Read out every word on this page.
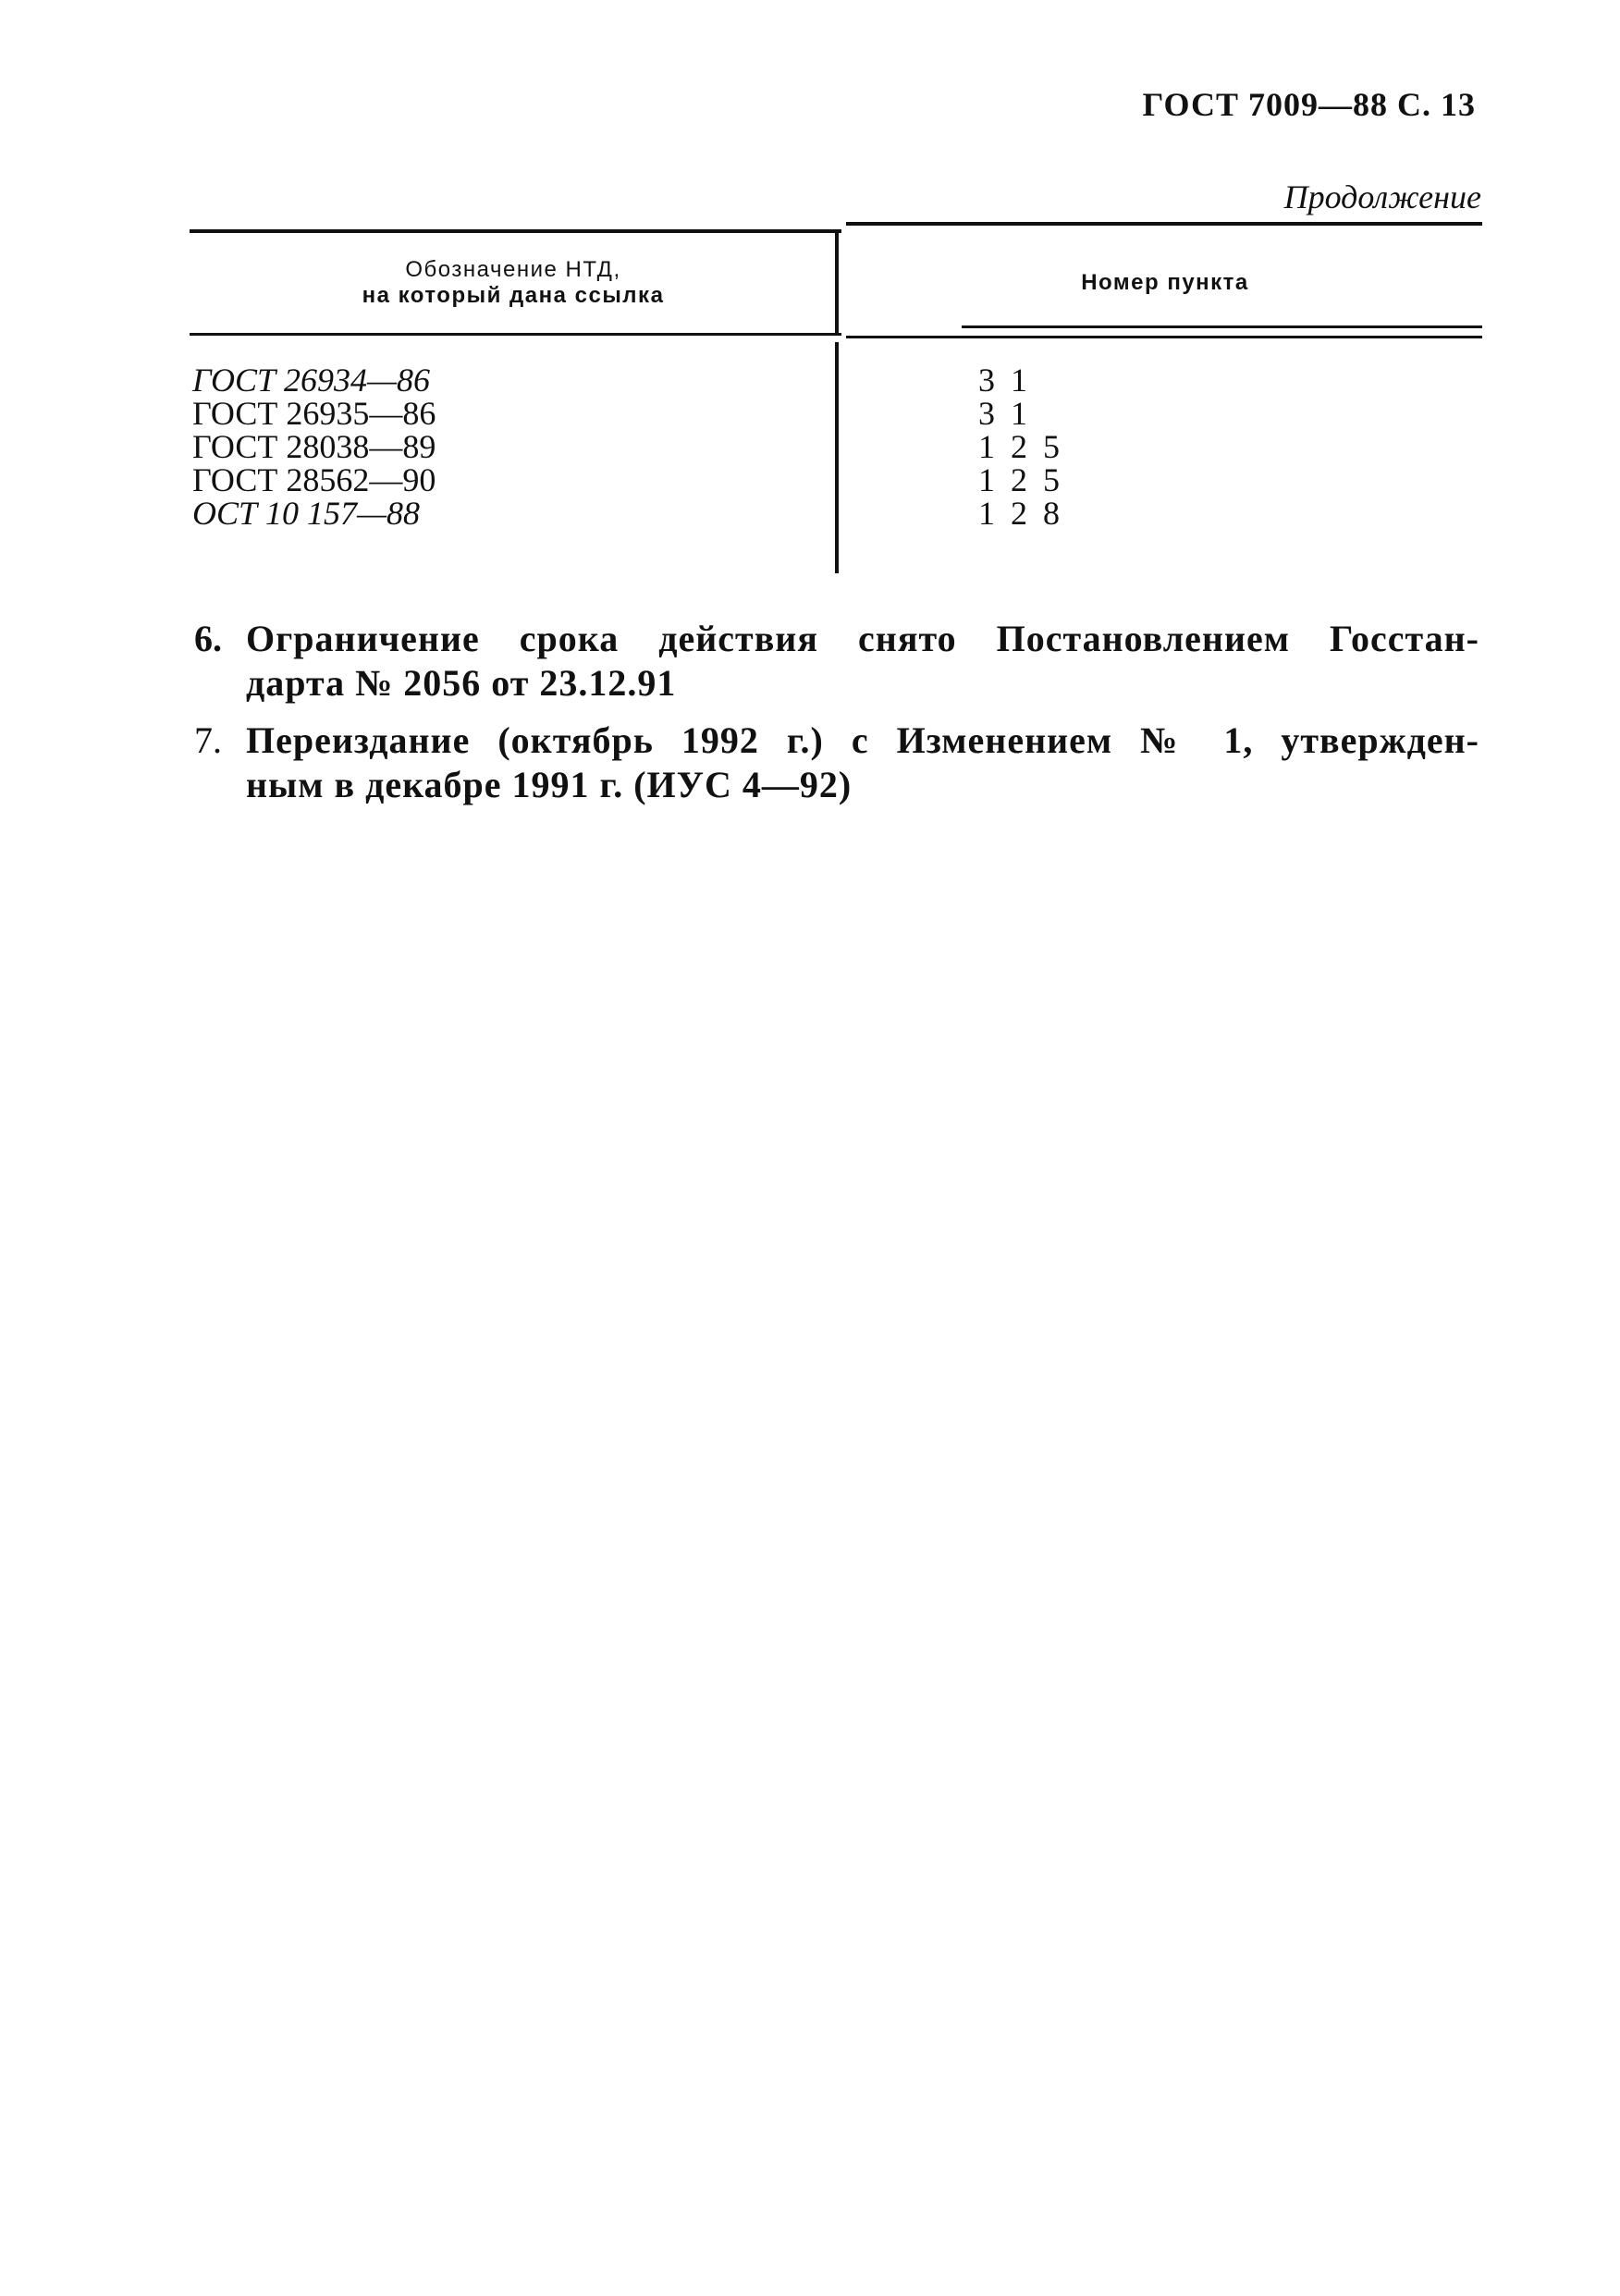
ГОСТ 7009—88 С. 13
Продолжение
Обозначение НТД,
на который дана ссылка
Номер пункта
ГОСТ 26934—86
ГОСТ 26935—86
ГОСТ 28038—89
ГОСТ 28562—90
ОСТ 10 157—88
3 1
3 1
1 2 5
1 2 5
1 2 8
6. Ограничение срока действия снято Постановлением Госстан-
дарта № 2056 от 23.12.91
7. Переиздание (октябрь 1992 г.) с Изменением № 1, утвержден-
ным в декабре 1991 г. (ИУС 4—92)
